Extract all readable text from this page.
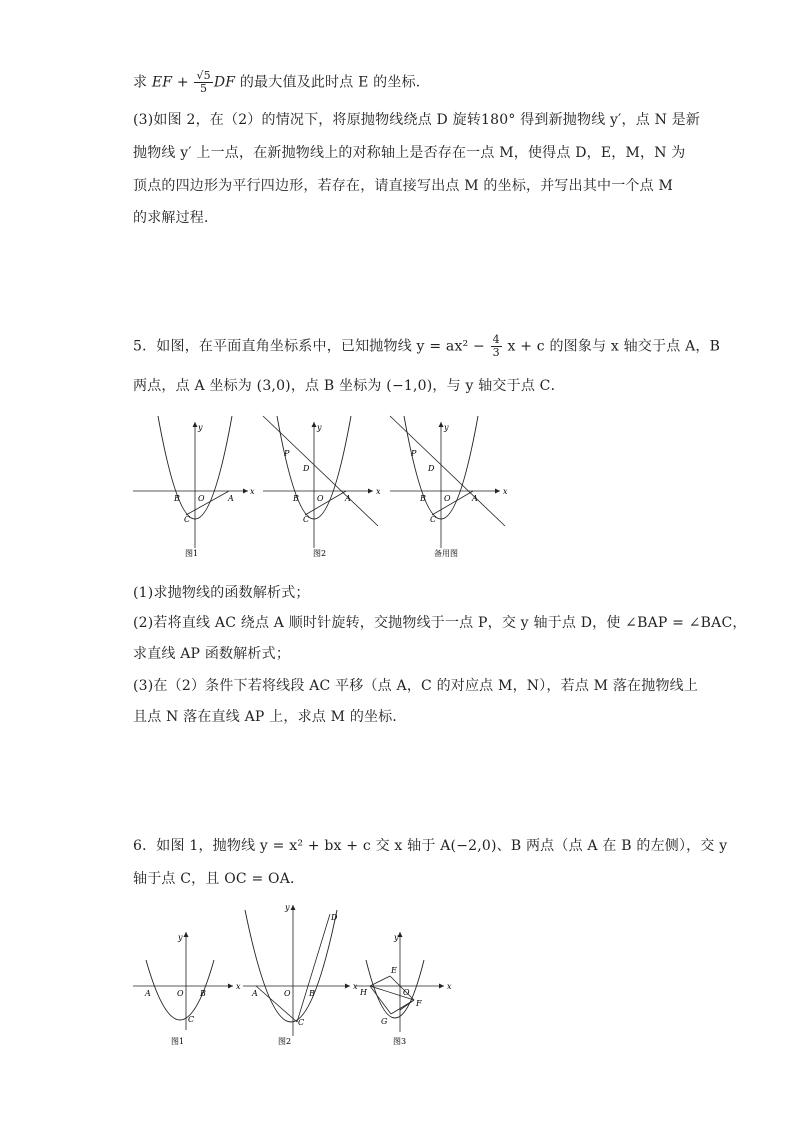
求 EF + $\frac{√5}{5}$ DF 的最大值及此时点 E 的坐标．
(3)如图 2，在（2）的情况下，将原抛物线绕点 D 旋转180° 得到新抛物线 y′，点 N 是新
抛物线 y′ 上一点，在新抛物线上的对称轴上是否存在一点 M，使得点 D，E，M，N 为
顶点的四边形为平行四边形，若存在，请直接写出点 M 的坐标，并写出其中一个点 M
的求解过程．
5．如图，在平面直角坐标系中，已知抛物线 $y = ax^2 - \frac{4}{3}$ x + c 的图象与 x 轴交于点 A，B
两点，点 A 坐标为 (3,0)，点 B 坐标为 (−1,0)，与 y 轴交于点 C．
x
y
O
B	A
C
图1
x
y
O
B	A
C
D
P
图2
x
y
O
B	A
C
D
P
备用图
(1)求抛物线的函数解析式；
(2)若将直线 AC 绕点 A 顺时针旋转，交抛物线于一点 P，交 y 轴于点 D，使 ∠BAP = ∠BAC，
求直线 AP 函数解析式；
(3)在（2）条件下若将线段 AC 平移（点 A，C 的对应点 M，N），若点 M 落在抛物线上
且点 N 落在直线 AP 上，求点 M 的坐标．
6．如图 1，抛物线 y = x² + bx + c 交 x 轴于 A(−2,0)、B 两点（点 A 在 B 的左侧），交 y
轴于点 C，且 OC = OA．
x
y
O
A	B
C
图1
x
y
O
A	B
C
D
图2
x
y
O
H
E
F
G
图3
